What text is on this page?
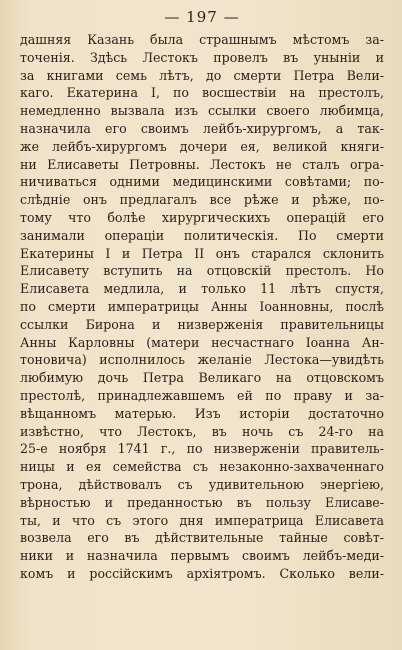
— 197 —
дашняя Казань была страшнымъ мѣстомъ за-
точенія. Здѣсь Лестокъ провелъ въ уныніи и
за книгами семь лѣтъ, до смерти Петра Вели-
каго. Екатерина I, по восшествіи на престолъ,
немедленно вызвала изъ ссылки своего любимца,
назначила его своимъ лейбъ-хирургомъ, а так-
же лейбъ-хирургомъ дочери ея, великой княги-
ни Елисаветы Петровны. Лестокъ не сталъ огра-
ничиваться одними медицинскими совѣтами; по-
слѣдніе онъ предлагалъ все рѣже и рѣже, по-
тому что болѣе хирургическихъ операцій его
занимали операціи политическія. По смерти
Екатерины I и Петра II онъ старался склонить
Елисавету вступить на отцовскій престолъ. Но
Елисавета медлила, и только 11 лѣтъ спустя,
по смерти императрицы Анны Іоанновны, послѣ
ссылки Бирона и низверженія правительницы
Анны Карловны (матери несчастнаго Іоанна Ан-
тоновича) исполнилось желаніе Лестока—увидѣть
любимую дочь Петра Великаго на отцовскомъ
престолѣ, принадлежавшемъ ей по праву и за-
вѣщанномъ матерью. Изъ исторіи достаточно
извѣстно, что Лестокъ, въ ночь съ 24-го на
25-е ноября 1741 г., по низверженіи правитель-
ницы и ея семейства съ незаконно-захваченнаго
трона, дѣйствовалъ съ удивительною энергіею,
вѣрностью и преданностью въ пользу Елисаве-
ты, и что съ этого дня императрица Елисавета
возвела его въ дѣйствительные тайные совѣт-
ники и назначила первымъ своимъ лейбъ-меди-
комъ и россійскимъ архіятромъ. Сколько вели-
